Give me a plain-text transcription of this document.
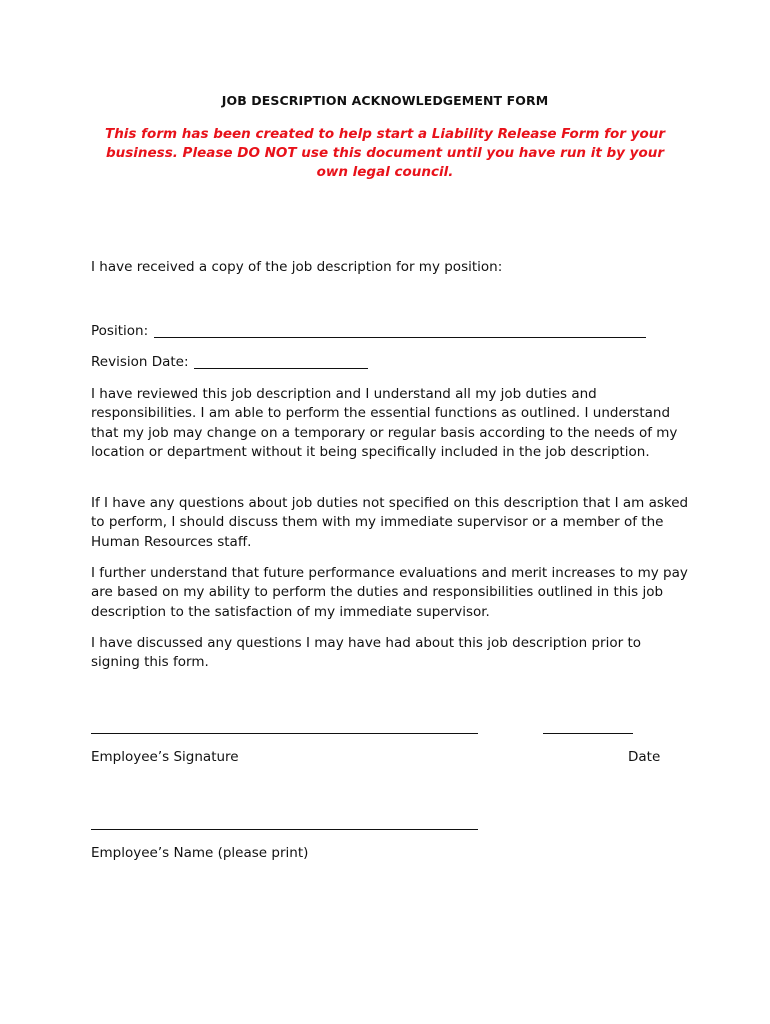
JOB DESCRIPTION ACKNOWLEDGEMENT FORM
This form has been created to help start a Liability Release Form for your business. Please DO NOT use this document until you have run it by your own legal council.

I have received a copy of the job description for my position:

Position:
Revision Date:

I have reviewed this job description and I understand all my job duties and responsibilities. I am able to perform the essential functions as outlined. I understand that my job may change on a temporary or regular basis according to the needs of my location or department without it being specifically included in the job description.

If I have any questions about job duties not specified on this description that I am asked to perform, I should discuss them with my immediate supervisor or a member of the Human Resources staff.

I further understand that future performance evaluations and merit increases to my pay are based on my ability to perform the duties and responsibilities outlined in this job description to the satisfaction of my immediate supervisor.

I have discussed any questions I may have had about this job description prior to signing this form.

Employee’s Signature	Date
Employee’s Name (please print)
